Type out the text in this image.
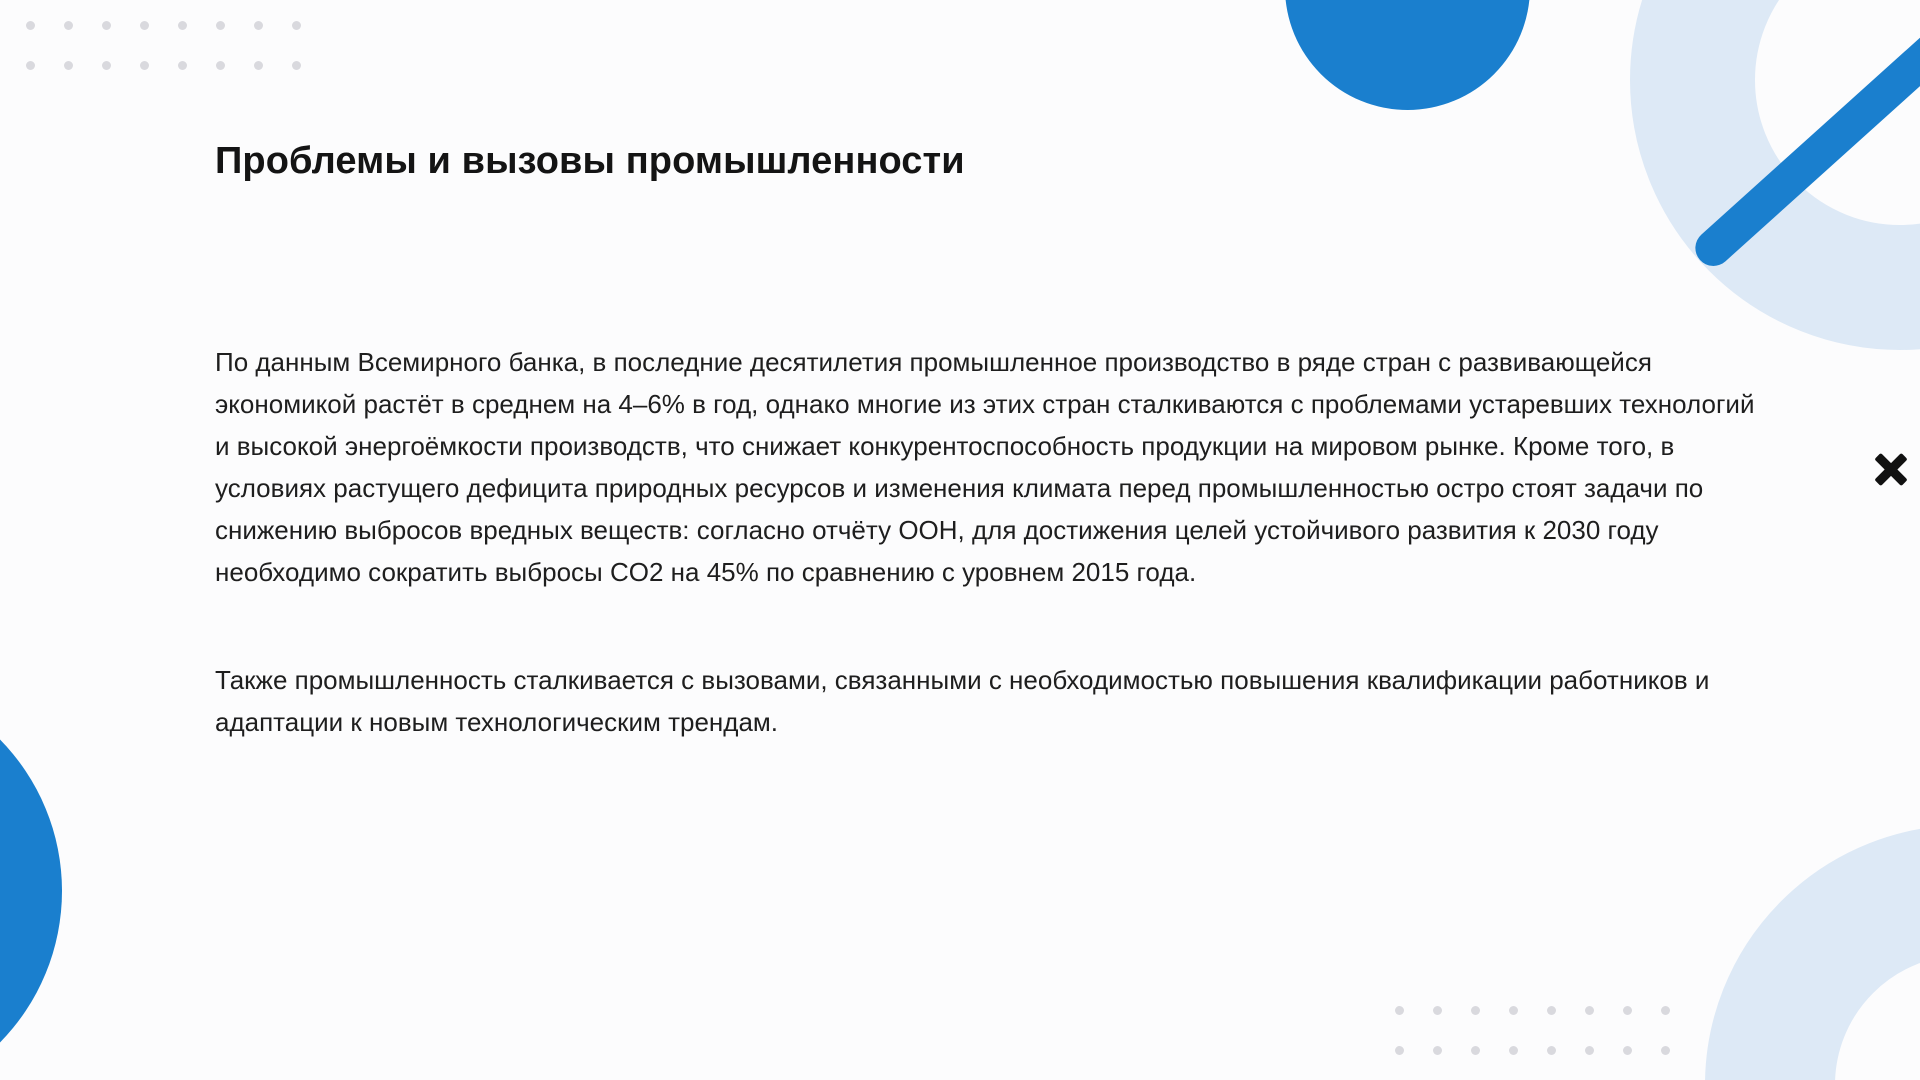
Проблемы и вызовы промышленности

По данным Всемирного банка, в последние десятилетия промышленное производство в ряде стран с развивающейся экономикой растёт в среднем на 4–6% в год, однако многие из этих стран сталкиваются с проблемами устаревших технологий и высокой энергоёмкости производств, что снижает конкурентоспособность продукции на мировом рынке. Кроме того, в условиях растущего дефицита природных ресурсов и изменения климата перед промышленностью остро стоят задачи по снижению выбросов вредных веществ: согласно отчёту ООН, для достижения целей устойчивого развития к 2030 году необходимо сократить выбросы CO2 на 45% по сравнению с уровнем 2015 года.

Также промышленность сталкивается с вызовами, связанными с необходимостью повышения квалификации работников и адаптации к новым технологическим трендам.
